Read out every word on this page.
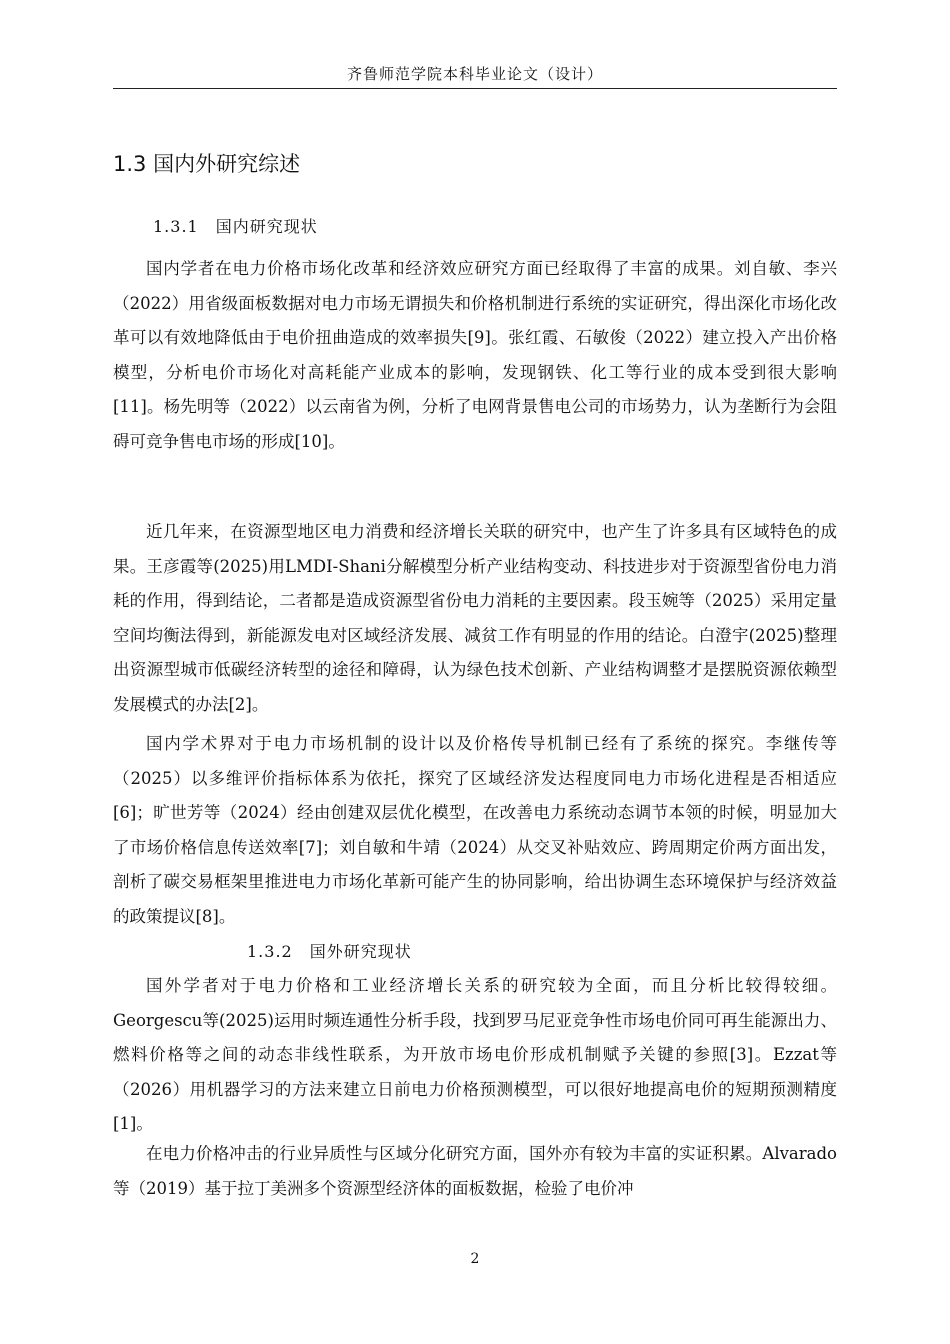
齐鲁师范学院本科毕业论文（设计）
1.3 国内外研究综述
1.3.1　国内研究现状

国内学者在电力价格市场化改革和经济效应研究方面已经取得了丰富的成果。刘自敏、李兴（2022）用省级面板数据对电力市场无谓损失和价格机制进行系统的实证研究，得出深化市场化改革可以有效地降低由于电价扭曲造成的效率损失[9]。张红霞、石敏俊（2022）建立投入产出价格模型，分析电价市场化对高耗能产业成本的影响，发现钢铁、化工等行业的成本受到很大影响[11]。杨先明等（2022）以云南省为例，分析了电网背景售电公司的市场势力，认为垄断行为会阻碍可竞争售电市场的形成[10]。

近几年来，在资源型地区电力消费和经济增长关联的研究中，也产生了许多具有区域特色的成果。王彦霞等(2025)用LMDI-Shani分解模型分析产业结构变动、科技进步对于资源型省份电力消耗的作用，得到结论，二者都是造成资源型省份电力消耗的主要因素。段玉婉等（2025）采用定量空间均衡法得到，新能源发电对区域经济发展、减贫工作有明显的作用的结论。白澄宇(2025)整理出资源型城市低碳经济转型的途径和障碍，认为绿色技术创新、产业结构调整才是摆脱资源依赖型发展模式的办法[2]。

国内学术界对于电力市场机制的设计以及价格传导机制已经有了系统的探究。李继传等（2025）以多维评价指标体系为依托，探究了区域经济发达程度同电力市场化进程是否相适应[6]；旷世芳等（2024）经由创建双层优化模型，在改善电力系统动态调节本领的时候，明显加大了市场价格信息传送效率[7]；刘自敏和牛靖（2024）从交叉补贴效应、跨周期定价两方面出发，剖析了碳交易框架里推进电力市场化革新可能产生的协同影响，给出协调生态环境保护与经济效益的政策提议[8]。

1.3.2　国外研究现状

国外学者对于电力价格和工业经济增长关系的研究较为全面，而且分析比较得较细。Georgescu等(2025)运用时频连通性分析手段，找到罗马尼亚竞争性市场电价同可再生能源出力、燃料价格等之间的动态非线性联系，为开放市场电价形成机制赋予关键的参照[3]。Ezzat等（2026）用机器学习的方法来建立日前电力价格预测模型，可以很好地提高电价的短期预测精度[1]。

在电力价格冲击的行业异质性与区域分化研究方面，国外亦有较为丰富的实证积累。Alvarado等（2019）基于拉丁美洲多个资源型经济体的面板数据，检验了电价冲

2
